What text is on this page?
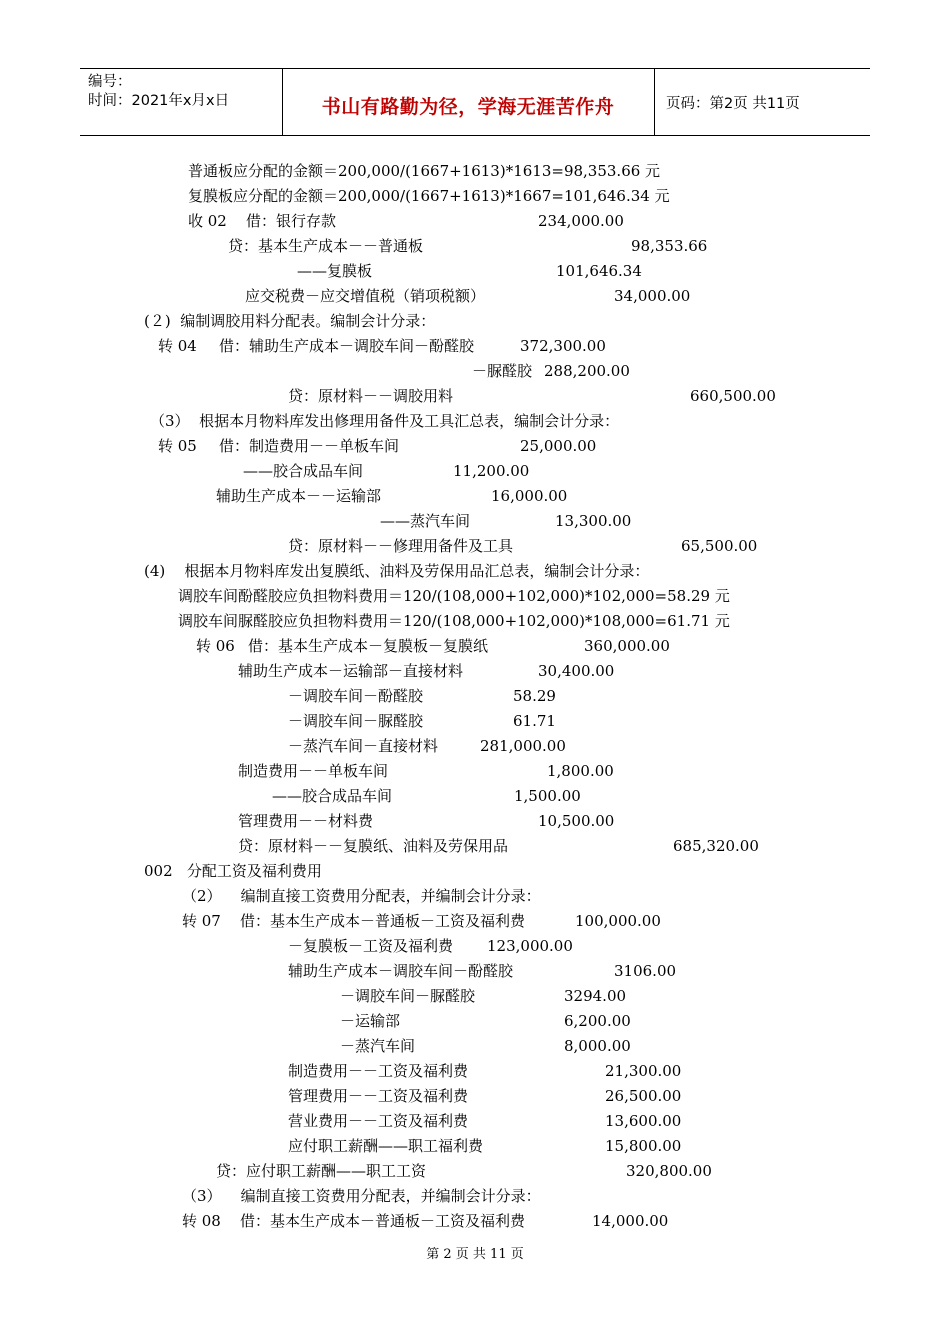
编号：
时间：2021年x月x日	页码：第2页 共11页
书山有路勤为径，学海无涯苦作舟
普通板应分配的金额＝200,000/(1667+1613)*1613=98,353.66 元
复膜板应分配的金额＝200,000/(1667+1613)*1667=101,646.34 元
收 02 借：银行存款	234,000.00
贷：基本生产成本－－普通板	98,353.66
——复膜板	101,646.34
应交税费－应交增值税（销项税额）	34,000.00
(２)  编制调胶用料分配表。编制会计分录：
转 04 借：辅助生产成本－调胶车间－酚醛胶	372,300.00
－脲醛胶 288,200.00
贷：原材料－－调胶用料	660,500.00
（3）  根据本月物料库发出修理用备件及工具汇总表，编制会计分录：
转 05 借：制造费用－－单板车间	25,000.00
——胶合成品车间	11,200.00
辅助生产成本－－运输部	16,000.00
——蒸汽车间	13,300.00
贷：原材料－－修理用备件及工具	65,500.00
(4)    根据本月物料库发出复膜纸、油料及劳保用品汇总表，编制会计分录：
调胶车间酚醛胶应负担物料费用＝120/(108,000+102,000)*102,000=58.29 元
调胶车间脲醛胶应负担物料费用＝120/(108,000+102,000)*108,000=61.71 元
转 06 借：基本生产成本－复膜板－复膜纸	360,000.00
辅助生产成本－运输部－直接材料	30,400.00
－调胶车间－酚醛胶	58.29
－调胶车间－脲醛胶	61.71
－蒸汽车间－直接材料	281,000.00
制造费用－－单板车间	1,800.00
——胶合成品车间	1,500.00
管理费用－－材料费	10,500.00
贷：原材料－－复膜纸、油料及劳保用品	685,320.00
002   分配工资及福利费用
（2）    编制直接工资费用分配表，并编制会计分录：
转 07 借：基本生产成本－普通板－工资及福利费	100,000.00
－复膜板－工资及福利费 123,000.00
辅助生产成本－调胶车间－酚醛胶	3106.00
－调胶车间－脲醛胶	3294.00
－运输部	6,200.00
－蒸汽车间	8,000.00
制造费用－－工资及福利费	21,300.00
管理费用－－工资及福利费	26,500.00
营业费用－－工资及福利费	13,600.00
应付职工薪酬——职工福利费	15,800.00
贷：应付职工薪酬——职工工资	320,800.00
（3）    编制直接工资费用分配表，并编制会计分录：
转 08 借：基本生产成本－普通板－工资及福利费	14,000.00
第 2 页 共 11 页
